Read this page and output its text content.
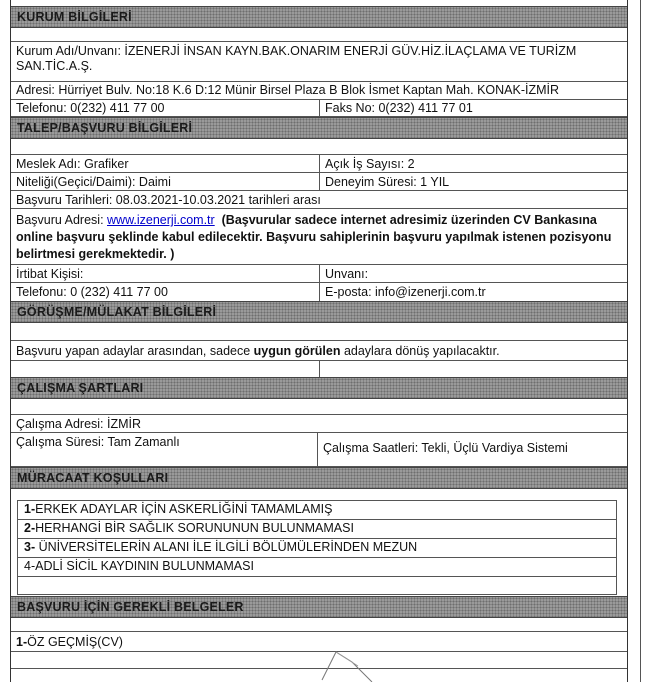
KURUM BİLGİLERİ
Kurum Adı/Unvanı: İZENERJİ İNSAN KAYN.BAK.ONARIM ENERJİ GÜV.HİZ.İLAÇLAMA VE TURİZM SAN.TİC.A.Ş.
Adresi: Hürriyet Bulv. No:18 K.6 D:12 Münir Birsel Plaza B Blok İsmet Kaptan Mah. KONAK-İZMİR
Telefonu: 0(232) 411 77 00	Faks No: 0(232) 411 77 01
TALEP/BAŞVURU BİLGİLERİ
Meslek Adı: Grafiker	Açık İş Sayısı: 2
Niteliği(Geçici/Daimi): Daimi	Deneyim Süresi: 1 YIL
Başvuru Tarihleri: 08.03.2021-10.03.2021 tarihleri arası
Başvuru Adresi: www.izenerji.com.tr (Başvurular sadece internet adresimiz üzerinden CV Bankasına online başvuru şeklinde kabul edilecektir. Başvuru sahiplerinin başvuru yapılmak istenen pozisyonu belirtmesi gerekmektedir. )
İrtibat Kişisi:	Unvanı:
Telefonu: 0 (232) 411 77 00	E-posta: info@izenerji.com.tr
GÖRÜŞME/MÜLAKAT BİLGİLERİ
Başvuru yapan adaylar arasından, sadece uygun görülen adaylara dönüş yapılacaktır.
ÇALIŞMA ŞARTLARI
Çalışma Adresi: İZMİR
Çalışma Süresi: Tam Zamanlı	Çalışma Saatleri: Tekli, Üçlü Vardiya Sistemi
MÜRACAAT KOŞULLARI
1-ERKEK ADAYLAR İÇİN ASKERLİĞİNİ TAMAMLAMIŞ
2-HERHANGİ BİR SAĞLIK SORUNUNUN BULUNMAMASI
3- ÜNİVERSİTELERİN ALANI İLE İLGİLİ BÖLÜMÜLERİNDEN MEZUN
4-ADLİ SİCİL KAYDININ BULUNMAMASI
BAŞVURU İÇİN GEREKLİ BELGELER
1-ÖZ GEÇMİŞ(CV)
